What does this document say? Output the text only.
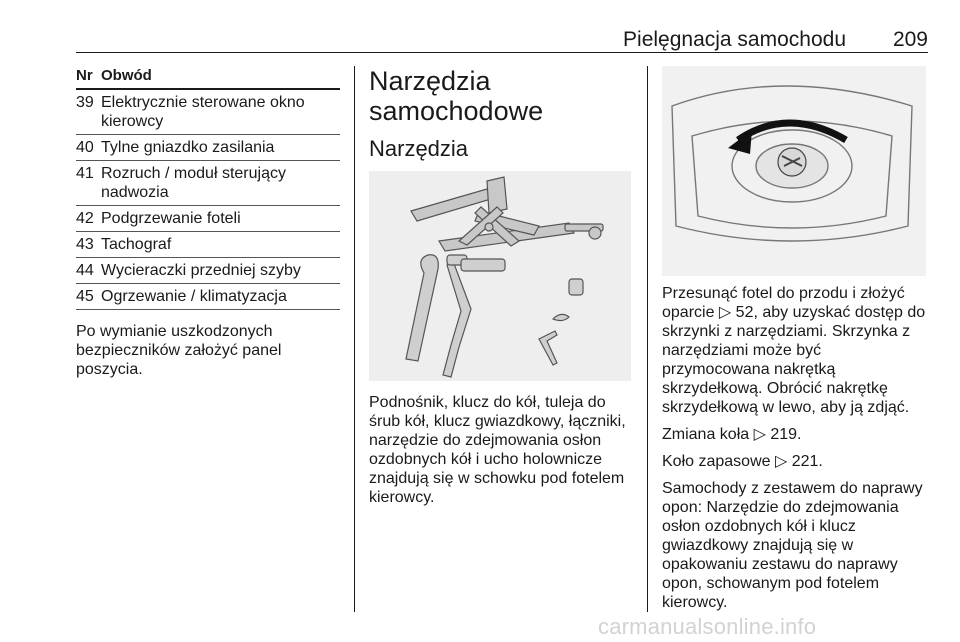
Pielęgnacja samochodu 209
Nr Obwód
39 Elektrycznie sterowane okno kierowcy
40 Tylne gniazdko zasilania
41 Rozruch / moduł sterujący nadwozia
42 Podgrzewanie foteli
43 Tachograf
44 Wycieraczki przedniej szyby
45 Ogrzewanie / klimatyzacja
Po wymianie uszkodzonych bezpieczników założyć panel poszycia.
Narzędzia samochodowe
Narzędzia
Podnośnik, klucz do kół, tuleja do śrub kół, klucz gwiazdkowy, łączniki, narzędzie do zdejmowania osłon ozdobnych kół i ucho holownicze znajdują się w schowku pod fotelem kierowcy.
Przesunąć fotel do przodu i złożyć oparcie ▷ 52, aby uzyskać dostęp do skrzynki z narzędziami. Skrzynka z narzędziami może być przymocowana nakrętką skrzydełkową. Obrócić nakrętkę skrzydełkową w lewo, aby ją zdjąć.
Zmiana koła ▷ 219.
Koło zapasowe ▷ 221.
Samochody z zestawem do naprawy opon: Narzędzie do zdejmowania osłon ozdobnych kół i klucz gwiazdkowy znajdują się w opakowaniu zestawu do naprawy opon, schowanym pod fotelem kierowcy.
carmanualsonline.info
